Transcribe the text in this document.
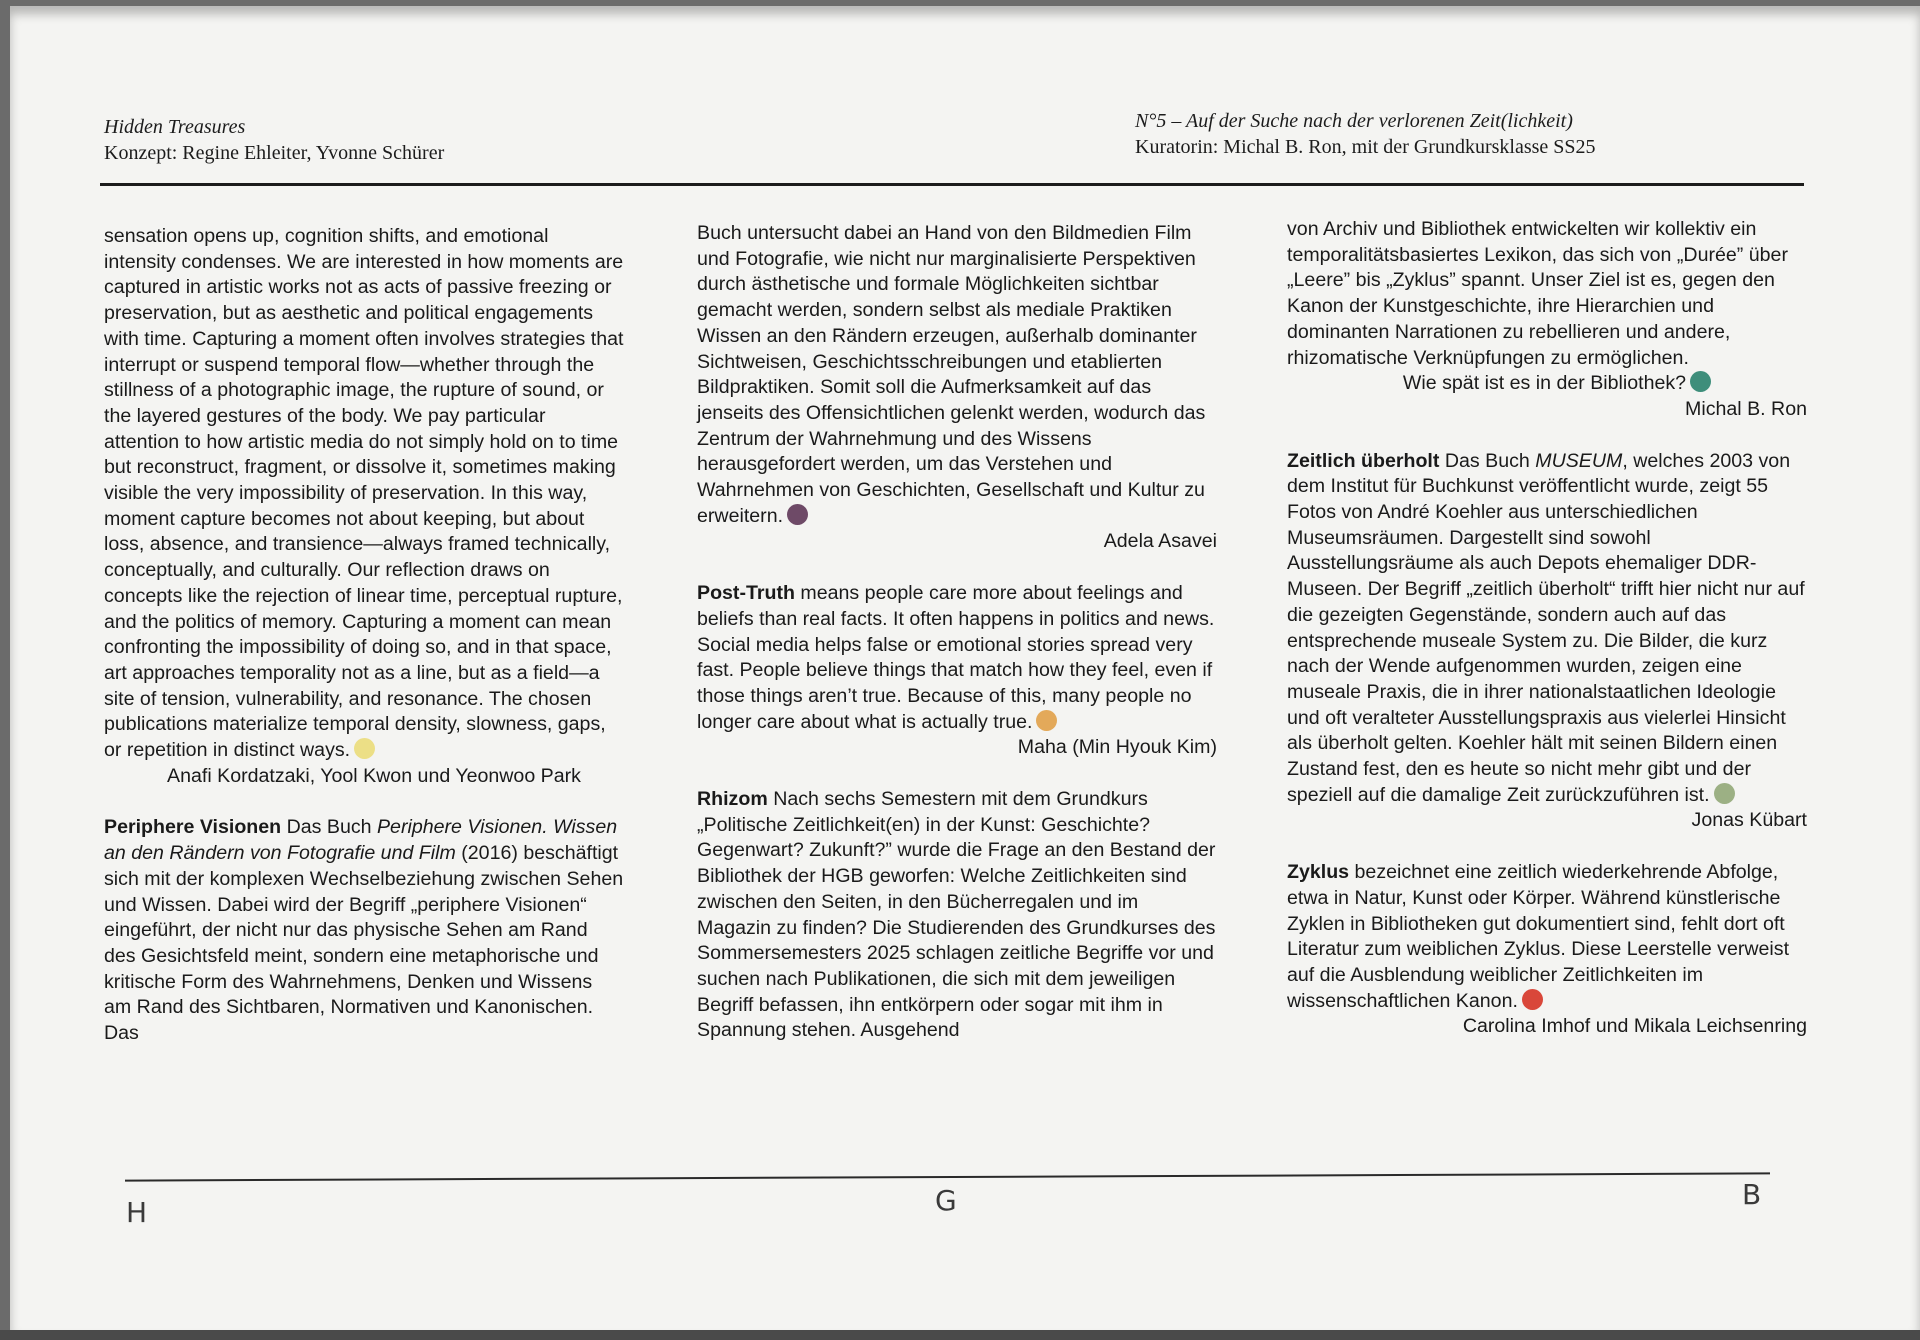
Hidden Treasures
Konzept: Regine Ehleiter, Yvonne Schürer
N°5 – Auf der Suche nach der verlorenen Zeit(lichkeit)
Kuratorin: Michal B. Ron, mit der Grundkursklasse SS25

sensation opens up, cognition shifts, and emotional intensity condenses. We are interested in how moments are captured in artistic works not as acts of passive freezing or preservation, but as aesthetic and political engagements with time. Capturing a moment often involves strategies that interrupt or suspend temporal flow—whether through the stillness of a photographic image, the rupture of sound, or the layered gestures of the body. We pay particular attention to how artistic media do not simply hold on to time but reconstruct, fragment, or dissolve it, sometimes making visible the very impossibility of preservation. In this way, moment capture becomes not about keeping, but about loss, absence, and transience—always framed technically, conceptually, and culturally. Our reflection draws on concepts like the rejection of linear time, perceptual rupture, and the politics of memory. Capturing a moment can mean confronting the impossibility of doing so, and in that space, art approaches temporality not as a line, but as a field—a site of tension, vulnerability, and resonance. The chosen publications materialize temporal density, slowness, gaps, or repetition in distinct ways.

Anafi Kordatzaki, Yool Kwon und Yeonwoo Park

Periphere Visionen Das Buch Periphere Visionen. Wissen an den Rändern von Fotografie und Film (2016) beschäftigt sich mit der komplexen Wechselbeziehung zwischen Sehen und Wissen. Dabei wird der Begriff „periphere Visionen“ eingeführt, der nicht nur das physische Sehen am Rand des Gesichtsfeld meint, sondern eine metaphorische und kritische Form des Wahrnehmens, Denken und Wissens am Rand des Sichtbaren, Normativen und Kanonischen. Das

Buch untersucht dabei an Hand von den Bildmedien Film und Fotografie, wie nicht nur marginalisierte Perspektiven durch ästhetische und formale Möglichkeiten sichtbar gemacht werden, sondern selbst als mediale Praktiken Wissen an den Rändern erzeugen, außerhalb dominanter Sichtweisen, Geschichtsschreibungen und etablierten Bildpraktiken. Somit soll die Aufmerksamkeit auf das jenseits des Offensichtlichen gelenkt werden, wodurch das Zentrum der Wahrnehmung und des Wissens herausgefordert werden, um das Verstehen und Wahrnehmen von Geschichten, Gesellschaft und Kultur zu erweitern.

Adela Asavei

Post-Truth means people care more about feelings and beliefs than real facts. It often happens in politics and news. Social media helps false or emotional stories spread very fast. People believe things that match how they feel, even if those things aren’t true. Because of this, many people no longer care about what is actually true.

Maha (Min Hyouk Kim)

Rhizom Nach sechs Semestern mit dem Grundkurs „Politische Zeitlichkeit(en) in der Kunst: Geschichte? Gegenwart? Zukunft?” wurde die Frage an den Bestand der Bibliothek der HGB geworfen: Welche Zeitlichkeiten sind zwischen den Seiten, in den Bücherregalen und im Magazin zu finden? Die Studierenden des Grundkurses des Sommersemesters 2025 schlagen zeitliche Begriffe vor und suchen nach Publikationen, die sich mit dem jeweiligen Begriff befassen, ihn entkörpern oder sogar mit ihm in Spannung stehen. Ausgehend

von Archiv und Bibliothek entwickelten wir kollektiv ein temporalitätsbasiertes Lexikon, das sich von „Durée” über „Leere” bis „Zyklus” spannt. Unser Ziel ist es, gegen den Kanon der Kunstgeschichte, ihre Hierarchien und dominanten Narrationen zu rebellieren und andere, rhizomatische Verknüpfungen zu ermöglichen.

Wie spät ist es in der Bibliothek?

Michal B. Ron

Zeitlich überholt Das Buch MUSEUM, welches 2003 von dem Institut für Buchkunst veröffentlicht wurde, zeigt 55 Fotos von André Koehler aus unterschiedlichen Museumsräumen. Dargestellt sind sowohl Ausstellungsräume als auch Depots ehemaliger DDR-Museen. Der Begriff „zeitlich überholt“ trifft hier nicht nur auf die gezeigten Gegenstände, sondern auch auf das entsprechende museale System zu. Die Bilder, die kurz nach der Wende aufgenommen wurden, zeigen eine museale Praxis, die in ihrer nationalstaatlichen Ideologie und oft veralteter Ausstellungspraxis aus vielerlei Hinsicht als überholt gelten. Koehler hält mit seinen Bildern einen Zustand fest, den es heute so nicht mehr gibt und der speziell auf die damalige Zeit zurückzuführen ist.

Jonas Kübart

Zyklus bezeichnet eine zeitlich wiederkehrende Abfolge, etwa in Natur, Kunst oder Körper. Während künstlerische Zyklen in Bibliotheken gut dokumentiert sind, fehlt dort oft Literatur zum weiblichen Zyklus. Diese Leerstelle verweist auf die Ausblendung weiblicher Zeitlichkeiten im wissenschaftlichen Kanon.

Carolina Imhof und Mikala Leichsenring

H	G	B
